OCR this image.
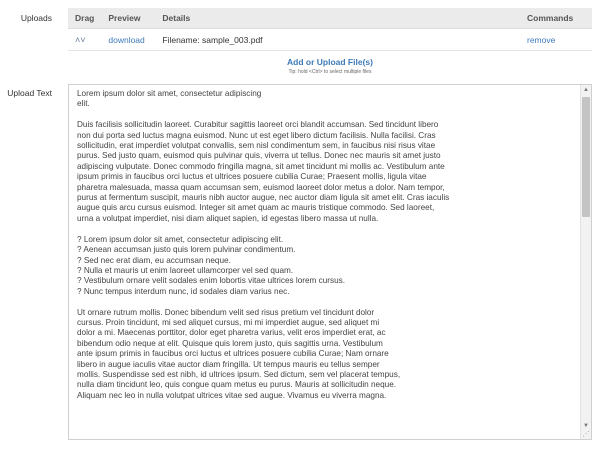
Uploads	Drag	Preview	Details	Commands
˄˅	download	Filename: sample_003.pdf	remove
Add or Upload File(s)
Tip: hold <Ctrl> to select multiple files
Upload Text	Lorem ipsum dolor sit amet, consectetur adipiscing
elit.

Duis facilisis sollicitudin laoreet. Curabitur sagittis laoreet orci blandit accumsan. Sed tincidunt libero
non dui porta sed luctus magna euismod. Nunc ut est eget libero dictum facilisis. Nulla facilisi. Cras
sollicitudin, erat imperdiet volutpat convallis, sem nisl condimentum sem, in faucibus nisi risus vitae
purus. Sed justo quam, euismod quis pulvinar quis, viverra ut tellus. Donec nec mauris sit amet justo
adipiscing vulputate. Donec commodo fringilla magna, sit amet tincidunt mi mollis ac. Vestibulum ante
ipsum primis in faucibus orci luctus et ultrices posuere cubilia Curae; Praesent mollis, ligula vitae
pharetra malesuada, massa quam accumsan sem, euismod laoreet dolor metus a dolor. Nam tempor,
purus at fermentum suscipit, mauris nibh auctor augue, nec auctor diam ligula sit amet elit. Cras iaculis
augue quis arcu cursus euismod. Integer sit amet quam ac mauris tristique commodo. Sed laoreet,
urna a volutpat imperdiet, nisi diam aliquet sapien, id egestas libero massa ut nulla.

? Lorem ipsum dolor sit amet, consectetur adipiscing elit.
? Aenean accumsan justo quis lorem pulvinar condimentum.
? Sed nec erat diam, eu accumsan neque.
? Nulla et mauris ut enim laoreet ullamcorper vel sed quam.
? Vestibulum ornare velit sodales enim lobortis vitae ultrices lorem cursus.
? Nunc tempus interdum nunc, id sodales diam varius nec.

Ut ornare rutrum mollis. Donec bibendum velit sed risus pretium vel tincidunt dolor
cursus. Proin tincidunt, mi sed aliquet cursus, mi mi imperdiet augue, sed aliquet mi
dolor a mi. Maecenas porttitor, dolor eget pharetra varius, velit eros imperdiet erat, ac
bibendum odio neque at elit. Quisque quis lorem justo, quis sagittis urna. Vestibulum
ante ipsum primis in faucibus orci luctus et ultrices posuere cubilia Curae; Nam ornare
libero in augue iaculis vitae auctor diam fringilla. Ut tempus mauris eu tellus semper
mollis. Suspendisse sed est nibh, id ultrices ipsum. Sed dictum, sem vel placerat tempus,
nulla diam tincidunt leo, quis congue quam metus eu purus. Mauris at sollicitudin neque.
Aliquam nec leo in nulla volutpat ultrices vitae sed augue. Vivamus eu viverra magna.
▲
▼
⋰
